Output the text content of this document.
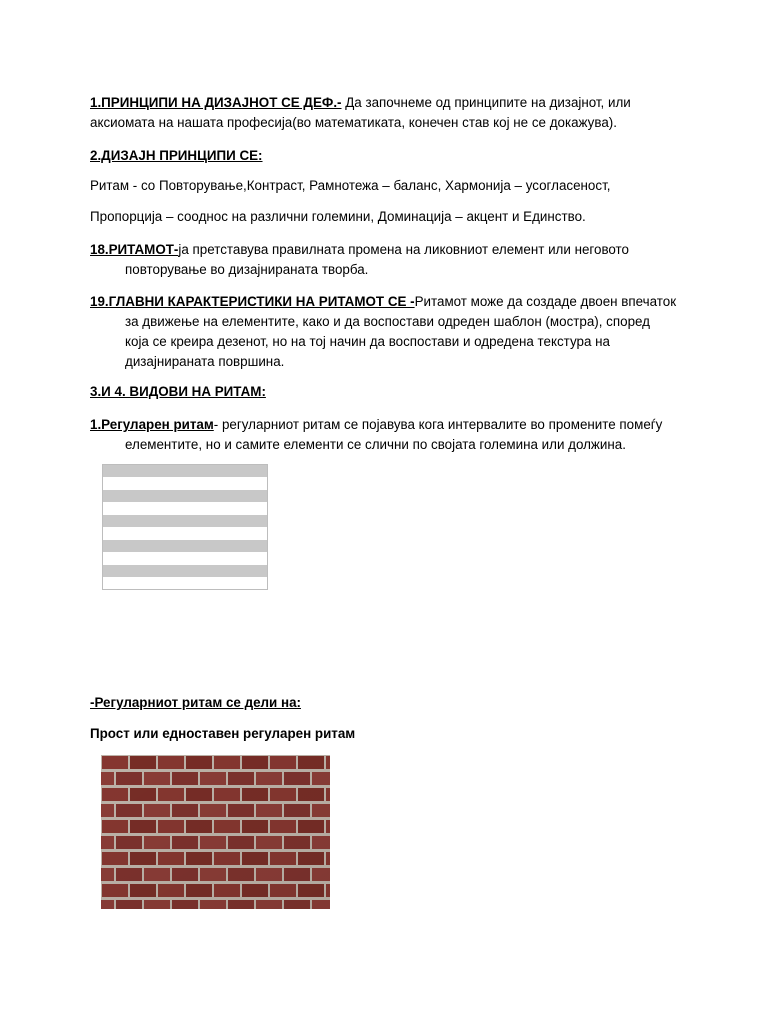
1.ПРИНЦИПИ НА ДИЗАЈНОТ СЕ ДЕФ.- Да започнеме од принципите на дизајнот, или
аксиомата на нашата професија(во математиката, конечен став кој не се докажува).
2.ДИЗАЈН ПРИНЦИПИ СЕ:
Ритам - со Повторување,Контраст, Рамнотежа – баланс, Хармонија – усогласеност,
Пропорција – сооднос на различни големини, Доминација – акцент и Единство.
18.РИТАМОТ-ја претставува правилната промена на ликовниот елемент или неговото
повторување во дизајнираната творба.
19.ГЛАВНИ КАРАКТЕРИСТИКИ НА РИТАМОТ СЕ -Ритамот може да создаде двоен впечаток
за движење на елементите, како и да воспостави одреден шаблон (мостра), според
која се креира дезенот, но на тој начин да воспостави и одредена текстура на
дизајнираната површина.
3.И 4. ВИДОВИ НА РИТАМ:
1.Регуларен ритам- регуларниот ритам се појавува кога интервалите во промените помеѓу
елементите, но и самите елементи се слични по својата големина или должина.
-Регуларниот ритам се дели на:
Прост или едноставен регуларен ритам
